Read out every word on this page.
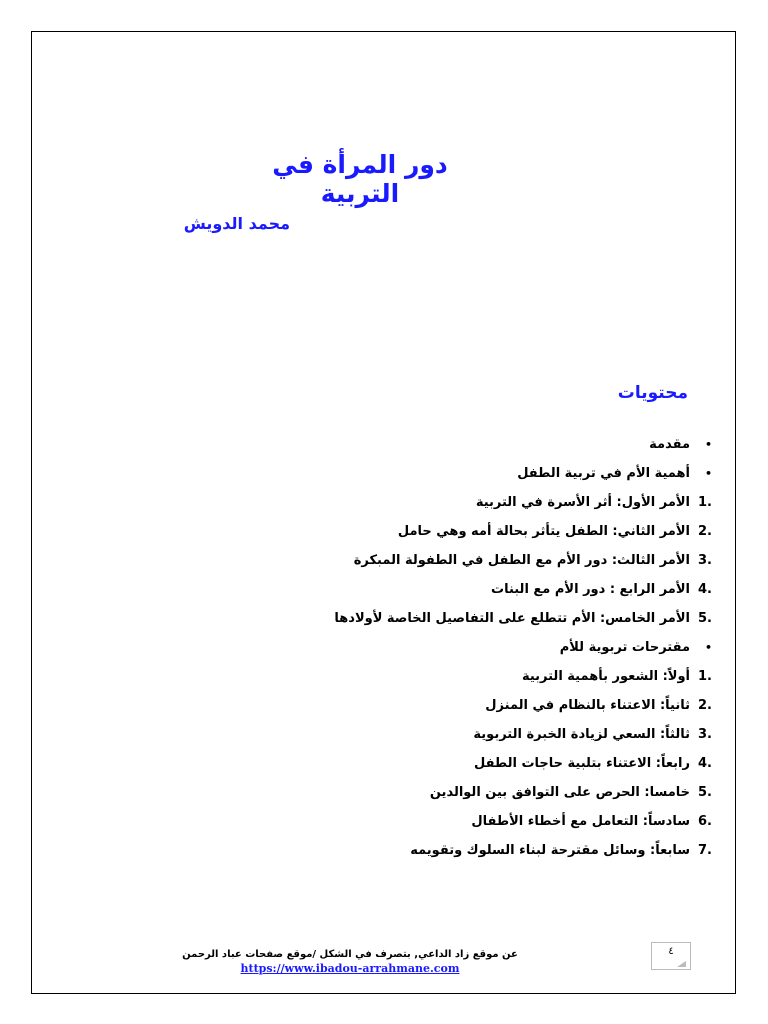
دور المرأة في التربية
محمد الدويش
محتويات
•
مقدمة
•
أهمية الأم في تربية الطفل
1.
الأمر الأول: أثر الأسرة في التربية
2.
الأمر الثاني: الطفل يتأثر بحالة أمه وهي حامل
3.
الأمر الثالث: دور الأم مع الطفل في الطفولة المبكرة
4.
الأمر الرابع : دور الأم مع البنات
5.
الأمر الخامس: الأم تتطلع على التفاصيل الخاصة لأولادها
•
مقترحات تربوية للأم
1.
أولاً: الشعور بأهمية التربية
2.
ثانياً: الاعتناء بالنظام في المنزل
3.
ثالثاً: السعي لزيادة الخبرة التربوية
4.
رابعاً: الاعتناء بتلبية حاجات الطفل
5.
خامسا: الحرص على التوافق بين الوالدين
6.
سادساً: التعامل مع أخطاء الأطفال
7.
سابعاً: وسائل مقترحة لبناء السلوك وتقويمه
عن موقع زاد الداعي, بتصرف في الشكل /موقع صفحات عباد الرحمن
https://www.ibadou-arrahmane.com
٤
